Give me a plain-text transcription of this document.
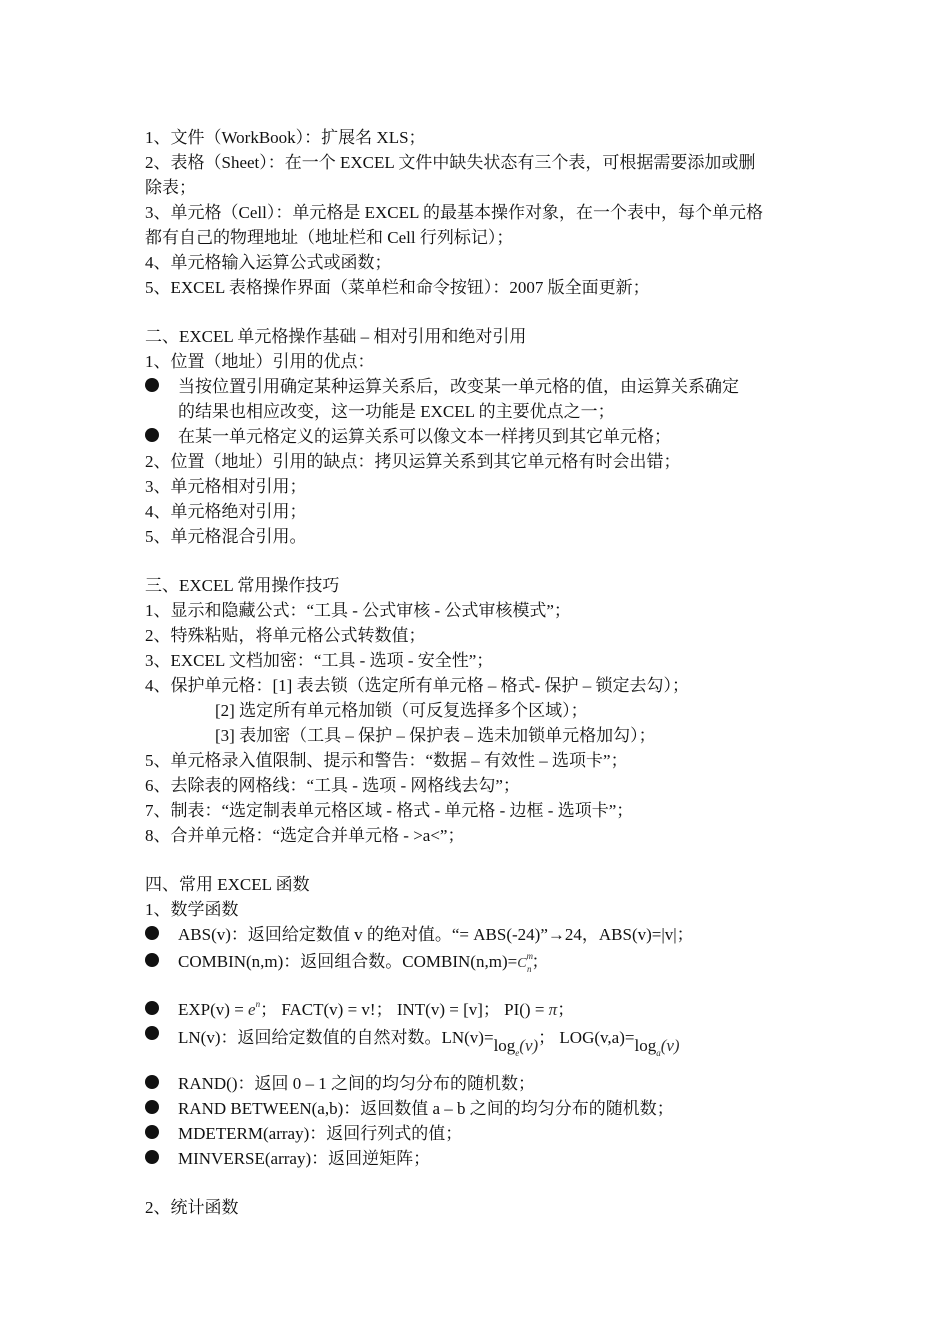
1、文件（WorkBook）：扩展名 XLS；
2、表格（Sheet）：在一个 EXCEL 文件中缺失状态有三个表，可根据需要添加或删
除表；
3、单元格（Cell）：单元格是 EXCEL 的最基本操作对象，在一个表中，每个单元格
都有自己的物理地址（地址栏和 Cell 行列标记）；
4、单元格输入运算公式或函数；
5、EXCEL 表格操作界面（菜单栏和命令按钮）：2007 版全面更新；
二、EXCEL 单元格操作基础 – 相对引用和绝对引用
1、位置（地址）引用的优点：
当按位置引用确定某种运算关系后，改变某一单元格的值，由运算关系确定
的结果也相应改变，这一功能是 EXCEL 的主要优点之一；
在某一单元格定义的运算关系可以像文本一样拷贝到其它单元格；
2、位置（地址）引用的缺点：拷贝运算关系到其它单元格有时会出错；
3、单元格相对引用；
4、单元格绝对引用；
5、单元格混合引用。
三、EXCEL 常用操作技巧
1、显示和隐藏公式：“工具 - 公式审核 - 公式审核模式”；
2、特殊粘贴，将单元格公式转数值；
3、EXCEL 文档加密：“工具 - 选项 - 安全性”；
4、保护单元格：[1] 表去锁（选定所有单元格 – 格式- 保护 – 锁定去勾）；
[2] 选定所有单元格加锁（可反复选择多个区域）；
[3] 表加密（工具 – 保护 – 保护表 – 选未加锁单元格加勾）；
5、单元格录入值限制、提示和警告：“数据 – 有效性 – 选项卡”；
6、去除表的网格线：“工具 - 选项 - 网格线去勾”；
7、制表：“选定制表单元格区域 - 格式 - 单元格 - 边框 - 选项卡”；
8、合并单元格：“选定合并单元格 - >a<”；
四、常用 EXCEL 函数
1、数学函数
ABS(v)：返回给定数值 v 的绝对值。“= ABS(-24)”→24，ABS(v)=|v|；
COMBIN(n,m)：返回组合数。$COMBIN(n,m)=C^m_n$；
$EXP(v) = e^n$； FACT(v) = v!； INT(v) = [v]； PI() = π；
LN(v)：返回给定数值的自然对数。$LN(v)=\log_e(v)$； $LOG(v,a)=\log_a(v)$
RAND()：返回 0 – 1 之间的均匀分布的随机数；
RAND BETWEEN(a,b)：返回数值 a – b 之间的均匀分布的随机数；
MDETERM(array)：返回行列式的值；
MINVERSE(array)：返回逆矩阵；
2、统计函数
